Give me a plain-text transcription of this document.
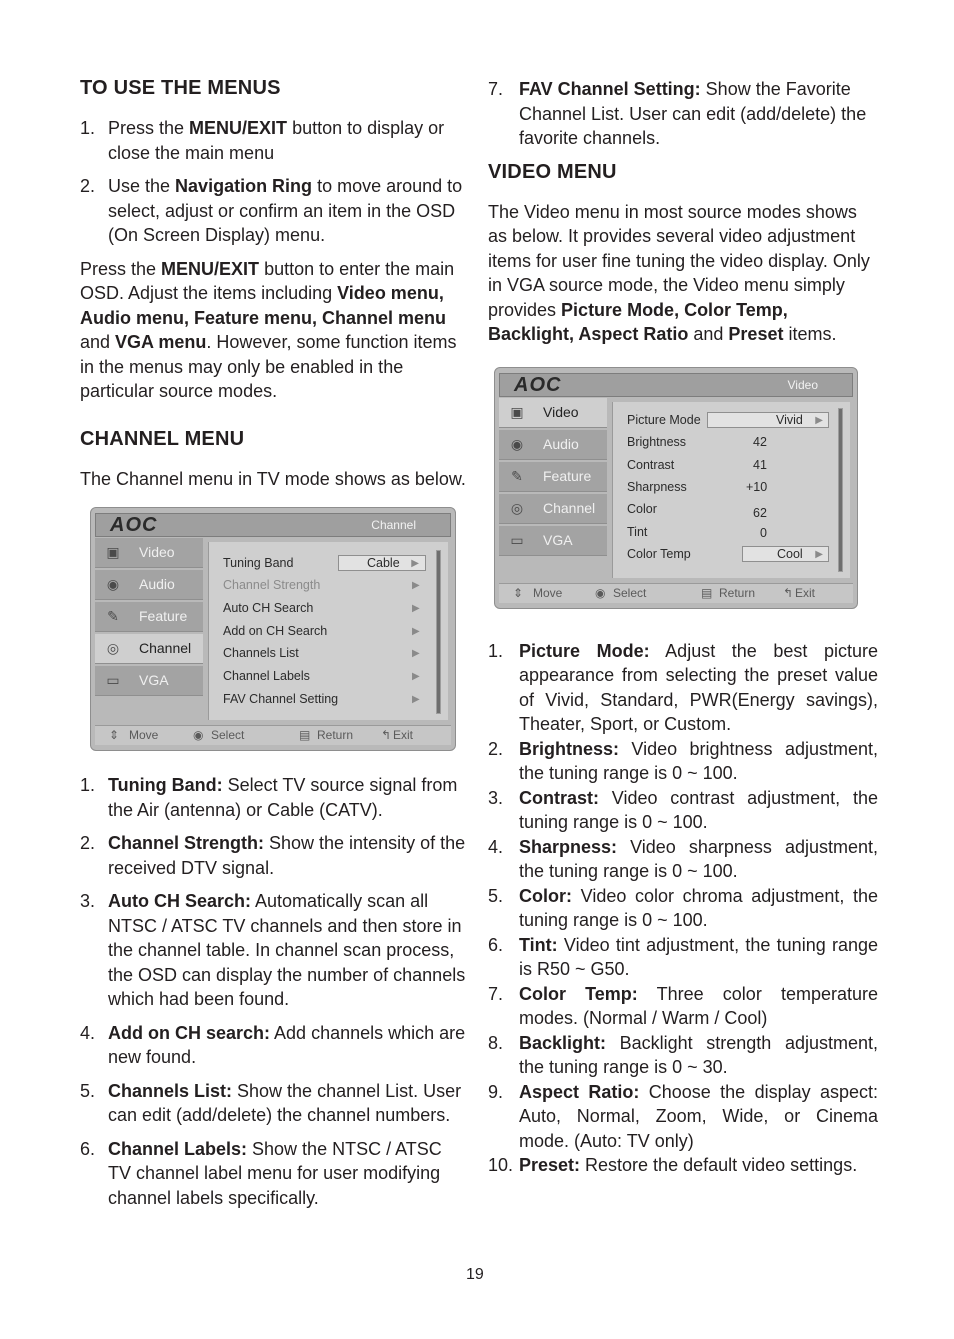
TO USE THE MENUS
1. Press the MENU/EXIT button to display or close the main menu
2. Use the Navigation Ring to move around to select, adjust or confirm an item in the OSD (On Screen Display) menu.

Press the MENU/EXIT button to enter the main OSD. Adjust the items including Video menu, Audio menu, Feature menu, Channel menu and VGA menu. However, some function items in the menus may only be enabled in the particular source modes.

CHANNEL MENU

The Channel menu in TV mode shows as below.

AOC	Channel
▣ Video
◉ Audio
✎ Feature
◎ Channel
▭ VGA
Tuning Band	Cable ▶
Channel Strength	▶
Auto CH Search	▶
Add on CH Search	▶
Channels List	▶
Channel Labels	▶
FAV Channel Setting	▶
⇕ Move	◉ Select	▤ Return ↰ Exit
1. Tuning Band: Select TV source signal from the Air (antenna) or Cable (CATV).
2. Channel Strength: Show the intensity of the received DTV signal.
3. Auto CH Search: Automatically scan all NTSC / ATSC TV channels and then store in the channel table. In channel scan process, the OSD can display the number of channels which had been found.
4. Add on CH search: Add channels which are new found.
5. Channels List: Show the channel List. User can edit (add/delete) the channel numbers.
6. Channel Labels: Show the NTSC / ATSC TV channel label menu for user modifying channel labels specifically.
7. FAV Channel Setting: Show the Favorite Channel List. User can edit (add/delete) the favorite channels.
VIDEO MENU

The Video menu in most source modes shows as below. It provides several video adjustment items for user fine tuning the video display. Only in VGA source mode, the Video menu simply provides Picture Mode, Color Temp, Backlight, Aspect Ratio and Preset items.

AOC	Video
▣ Video
◉ Audio
✎ Feature
◎ Channel
▭ VGA
Picture Mode	Vivid ▶
Brightness	42
Contrast	41
Sharpness	+10
Color	62
Tint	0
Color Temp	Cool ▶
⇕ Move	◉ Select	▤ Return ↰ Exit
1. Picture Mode: Adjust the best picture appearance from selecting the preset value of Vivid, Standard, PWR(Energy savings), Theater, Sport, or Custom.
2. Brightness: Video brightness adjustment, the tuning range is 0 ~ 100.
3. Contrast: Video contrast adjustment, the tuning range is 0 ~ 100.
4. Sharpness: Video sharpness adjustment, the tuning range is 0 ~ 100.
5. Color: Video color chroma adjustment, the tuning range is 0 ~ 100.
6. Tint: Video tint adjustment, the tuning range is R50 ~ G50.
7. Color Temp: Three color temperature modes. (Normal / Warm / Cool)
8. Backlight: Backlight strength adjustment, the tuning range is 0 ~ 30.
9. Aspect Ratio: Choose the display aspect: Auto, Normal, Zoom, Wide, or Cinema mode. (Auto: TV only)
10. Preset: Restore the default video settings.
19
